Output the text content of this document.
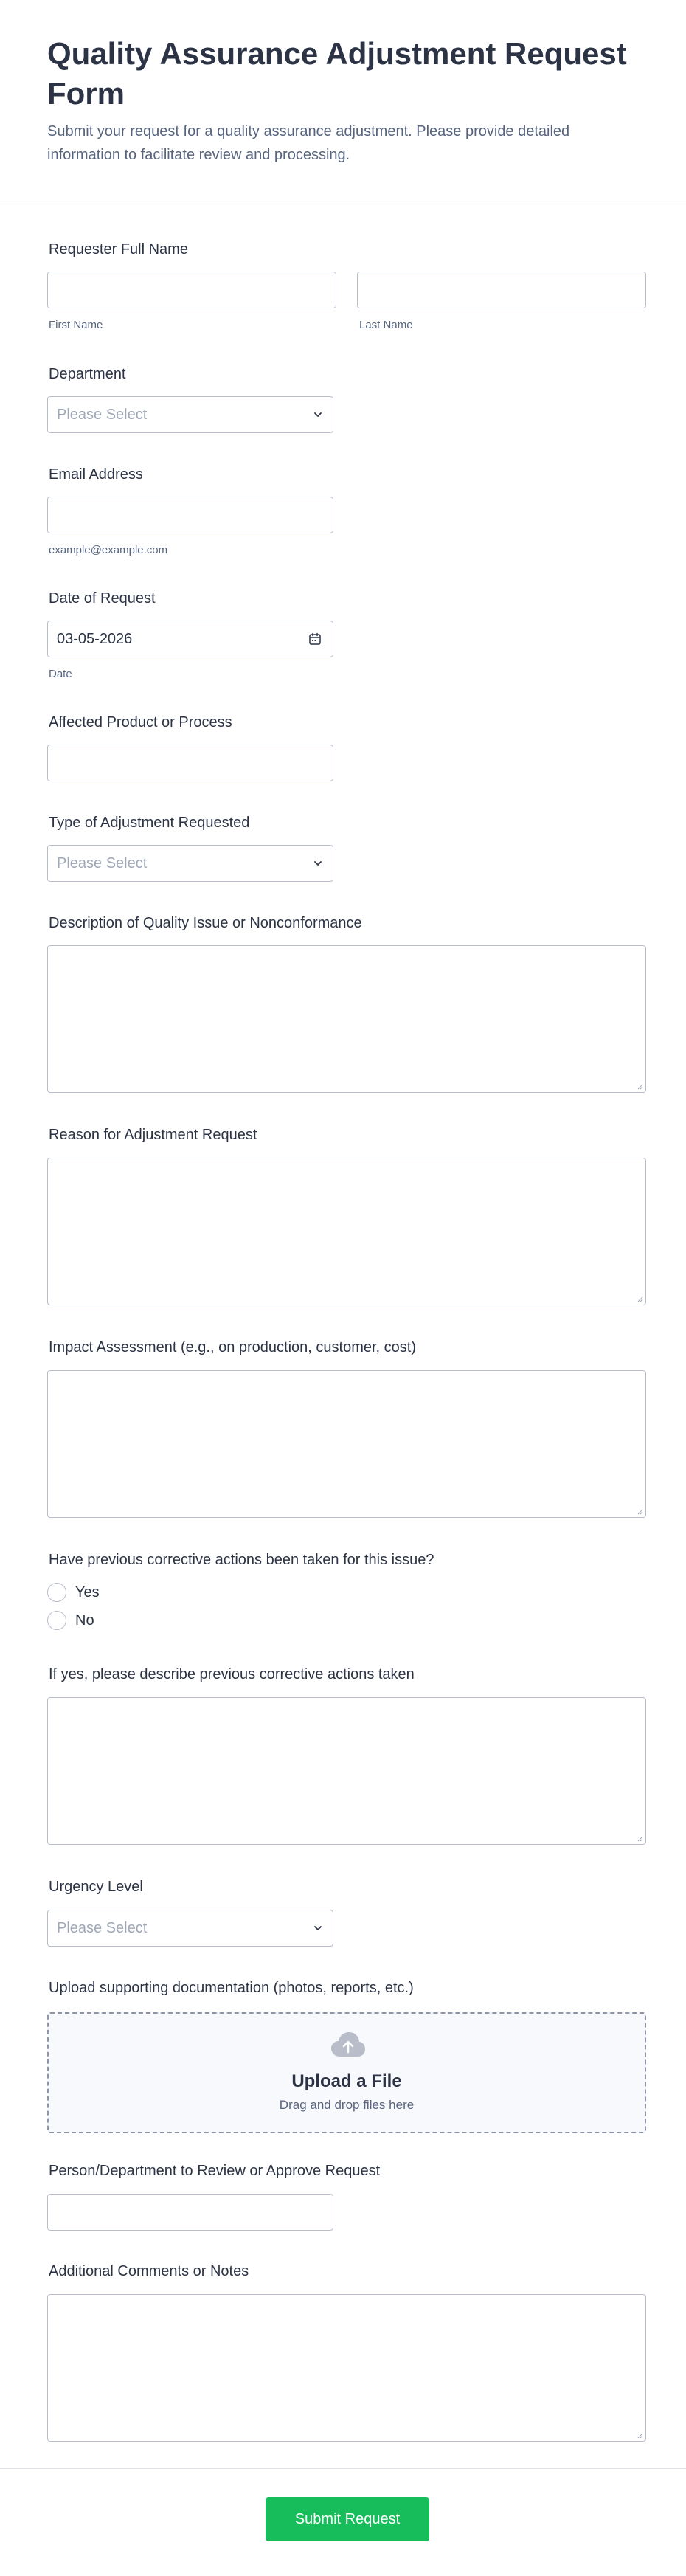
Quality Assurance Adjustment Request Form

Submit your request for a quality assurance adjustment. Please provide detailed information to facilitate review and processing.

Requester Full Name
First Name	Last Name
Department
Please Select
Email Address
example@example.com
Date of Request
03-05-2026
Date
Affected Product or Process
Type of Adjustment Requested
Please Select
Description of Quality Issue or Nonconformance
Reason for Adjustment Request
Impact Assessment (e.g., on production, customer, cost)
Have previous corrective actions been taken for this issue?
Yes
No
If yes, please describe previous corrective actions taken
Urgency Level
Please Select
Upload supporting documentation (photos, reports, etc.)
Upload a File
Drag and drop files here
Person/Department to Review or Approve Request
Additional Comments or Notes
Submit Request
